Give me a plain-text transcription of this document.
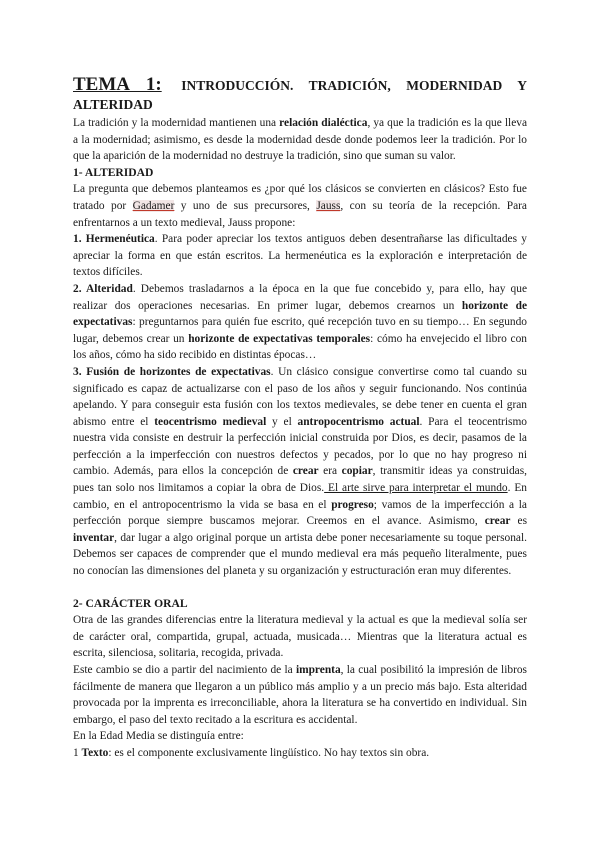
TEMA 1: INTRODUCCIÓN. TRADICIÓN, MODERNIDAD Y
ALTERIDAD

La tradición y la modernidad mantienen una relación dialéctica, ya que la tradición es la que lleva a la modernidad; asimismo, es desde la modernidad desde donde podemos leer la tradición. Por lo que la aparición de la modernidad no destruye la tradición, sino que suman su valor.

1- ALTERIDAD

La pregunta que debemos planteamos es ¿por qué los clásicos se convierten en clásicos? Esto fue tratado por Gadamer y uno de sus precursores, Jauss, con su teoría de la recepción. Para enfrentarnos a un texto medieval, Jauss propone:

1. Hermenéutica. Para poder apreciar los textos antiguos deben desentrañarse las dificultades y apreciar la forma en que están escritos. La hermenéutica es la exploración e interpretación de textos difíciles.

2. Alteridad. Debemos trasladarnos a la época en la que fue concebido y, para ello, hay que realizar dos operaciones necesarias. En primer lugar, debemos crearnos un horizonte de expectativas: preguntarnos para quién fue escrito, qué recepción tuvo en su tiempo… En segundo lugar, debemos crear un horizonte de expectativas temporales: cómo ha envejecido el libro con los años, cómo ha sido recibido en distintas épocas…

3. Fusión de horizontes de expectativas. Un clásico consigue convertirse como tal cuando su significado es capaz de actualizarse con el paso de los años y seguir funcionando. Nos continúa apelando. Y para conseguir esta fusión con los textos medievales, se debe tener en cuenta el gran abismo entre el teocentrismo medieval y el antropocentrismo actual. Para el teocentrismo nuestra vida consiste en destruir la perfección inicial construida por Dios, es decir, pasamos de la perfección a la imperfección con nuestros defectos y pecados, por lo que no hay progreso ni cambio. Además, para ellos la concepción de crear era copiar, transmitir ideas ya construidas, pues tan solo nos limitamos a copiar la obra de Dios. El arte sirve para interpretar el mundo. En cambio, en el antropocentrismo la vida se basa en el progreso; vamos de la imperfección a la perfección porque siempre buscamos mejorar. Creemos en el avance. Asimismo, crear es inventar, dar lugar a algo original porque un artista debe poner necesariamente su toque personal. Debemos ser capaces de comprender que el mundo medieval era más pequeño literalmente, pues no conocían las dimensiones del planeta y su organización y estructuración eran muy diferentes.

2- CARÁCTER ORAL

Otra de las grandes diferencias entre la literatura medieval y la actual es que la medieval solía ser de carácter oral, compartida, grupal, actuada, musicada… Mientras que la literatura actual es escrita, silenciosa, solitaria, recogida, privada.

Este cambio se dio a partir del nacimiento de la imprenta, la cual posibilitó la impresión de libros fácilmente de manera que llegaron a un público más amplio y a un precio más bajo. Esta alteridad provocada por la imprenta es irreconciliable, ahora la literatura se ha convertido en individual. Sin embargo, el paso del texto recitado a la escritura es accidental.

En la Edad Media se distinguía entre:

1 Texto: es el componente exclusivamente lingüístico. No hay textos sin obra.
